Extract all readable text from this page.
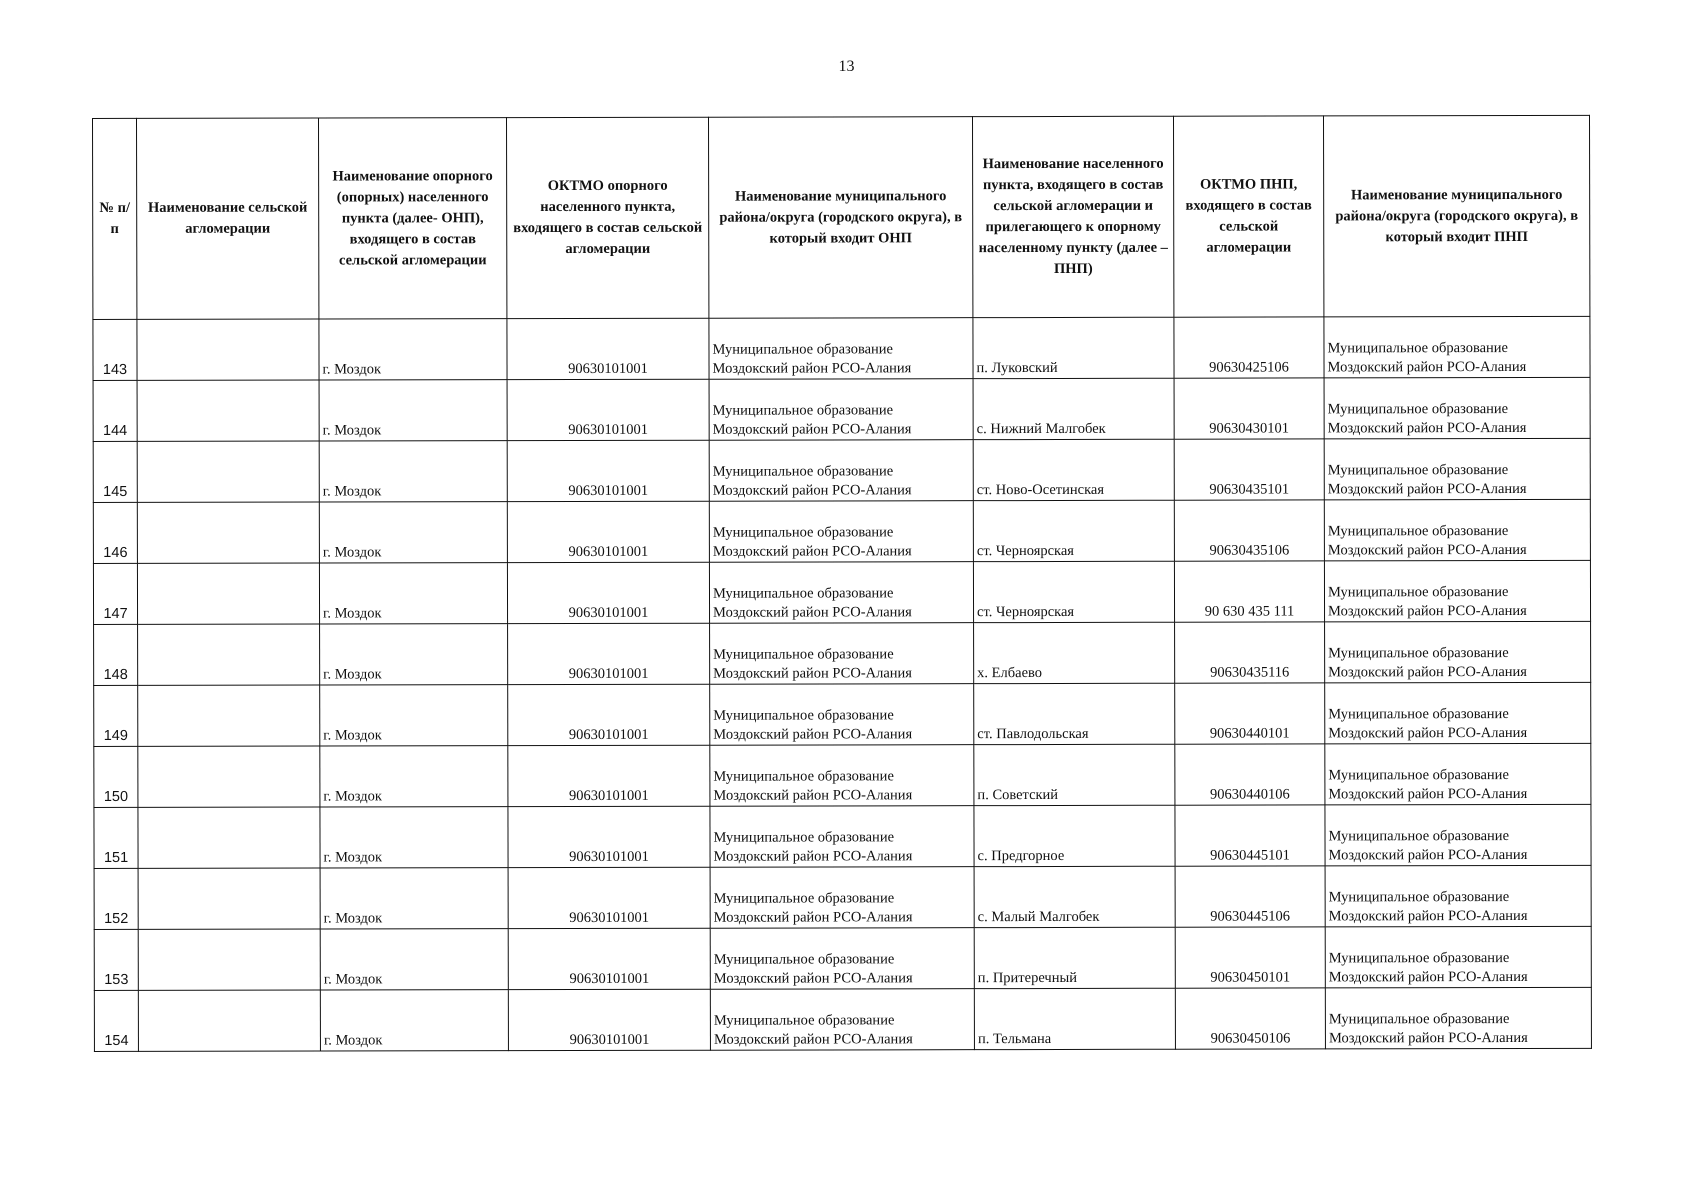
13
№ п/п	Наименование сельской агломерации	Наименование опорного (опорных) населенного пункта (далее- ОНП), входящего в состав сельской агломерации	ОКТМО опорного населенного пункта, входящего в состав сельской агломерации	Наименование муниципального района/округа (городского округа), в который входит ОНП	Наименование населенного пункта, входящего в состав сельской агломерации и прилегающего к опорному населенному пункту (далее – ПНП)	ОКТМО ПНП, входящего в состав сельской агломерации	Наименование муниципального района/округа (городского округа), в который входит ПНП
143		г. Моздок	90630101001	Муниципальное образование
Моздокский район РСО-Алания	п. Луковский	90630425106	Муниципальное образование
Моздокский район РСО-Алания

144		г. Моздок	90630101001	Муниципальное образование
Моздокский район РСО-Алания	с. Нижний Малгобек	90630430101	Муниципальное образование
Моздокский район РСО-Алания

145		г. Моздок	90630101001	Муниципальное образование
Моздокский район РСО-Алания	ст. Ново-Осетинская	90630435101	Муниципальное образование
Моздокский район РСО-Алания

146		г. Моздок	90630101001	Муниципальное образование
Моздокский район РСО-Алания	ст. Черноярская	90630435106	Муниципальное образование
Моздокский район РСО-Алания

147		г. Моздок	90630101001	Муниципальное образование
Моздокский район РСО-Алания	ст. Черноярская	90 630 435 111	Муниципальное образование
Моздокский район РСО-Алания

148		г. Моздок	90630101001	Муниципальное образование
Моздокский район РСО-Алания	х. Елбаево	90630435116	Муниципальное образование
Моздокский район РСО-Алания

149		г. Моздок	90630101001	Муниципальное образование
Моздокский район РСО-Алания	ст. Павлодольская	90630440101	Муниципальное образование
Моздокский район РСО-Алания

150		г. Моздок	90630101001	Муниципальное образование
Моздокский район РСО-Алания	п. Советский	90630440106	Муниципальное образование
Моздокский район РСО-Алания

151		г. Моздок	90630101001	Муниципальное образование
Моздокский район РСО-Алания	с. Предгорное	90630445101	Муниципальное образование
Моздокский район РСО-Алания

152		г. Моздок	90630101001	Муниципальное образование
Моздокский район РСО-Алания	с. Малый Малгобек	90630445106	Муниципальное образование
Моздокский район РСО-Алания

153		г. Моздок	90630101001	Муниципальное образование
Моздокский район РСО-Алания	п. Притеречный	90630450101	Муниципальное образование
Моздокский район РСО-Алания

154		г. Моздок	90630101001	Муниципальное образование
Моздокский район РСО-Алания	п. Тельмана	90630450106	Муниципальное образование
Моздокский район РСО-Алания
